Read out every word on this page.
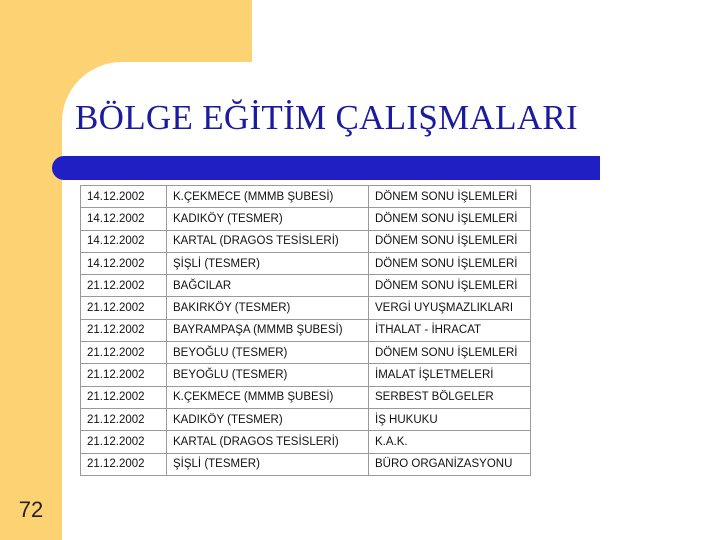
BÖLGE EĞİTİM ÇALIŞMALARI
14.12.2002	K.ÇEKMECE (MMMB ŞUBESİ)	DÖNEM SONU İŞLEMLERİ
14.12.2002	KADIKÖY (TESMER)	DÖNEM SONU İŞLEMLERİ
14.12.2002	KARTAL (DRAGOS TESİSLERİ)	DÖNEM SONU İŞLEMLERİ
14.12.2002	ŞİŞLİ (TESMER)	DÖNEM SONU İŞLEMLERİ
21.12.2002	BAĞCILAR	DÖNEM SONU İŞLEMLERİ
21.12.2002	BAKIRKÖY (TESMER)	VERGİ UYUŞMAZLIKLARI
21.12.2002	BAYRAMPAŞA (MMMB ŞUBESİ)	İTHALAT - İHRACAT
21.12.2002	BEYOĞLU (TESMER)	DÖNEM SONU İŞLEMLERİ
21.12.2002	BEYOĞLU (TESMER)	İMALAT İŞLETMELERİ
21.12.2002	K.ÇEKMECE (MMMB ŞUBESİ)	SERBEST BÖLGELER
21.12.2002	KADIKÖY (TESMER)	İŞ HUKUKU
21.12.2002	KARTAL (DRAGOS TESİSLERİ)	K.A.K.
21.12.2002	ŞİŞLİ (TESMER)	BÜRO ORGANİZASYONU
72
